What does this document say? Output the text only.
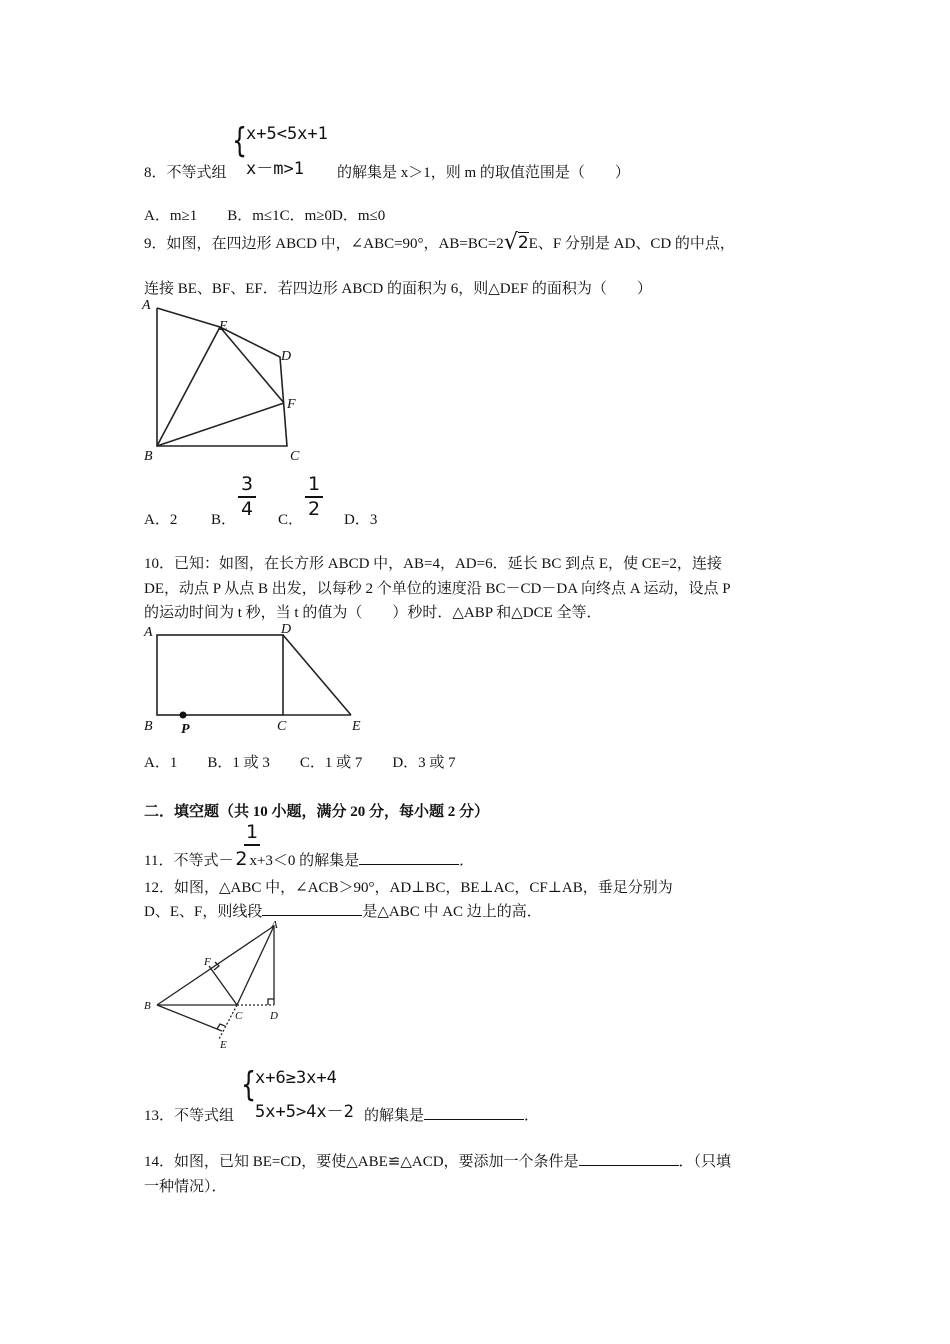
{
x+5<5x+1
x－m>1
8．不等式组	的解集是 x＞1，则 m 的取值范围是（　　）
A．m≥1　　B．m≤1C．m≥0D．m≤0
9．如图，在四边形 ABCD 中，∠ABC=90°，AB=BC=2√2E、F 分别是 AD、CD 的中点，
连接 BE、BF、EF．若四边形 ABCD 的面积为 6，则△DEF 的面积为（　　）
A
E
D
F
B	C
A．2 B．
3
4 C．
1
2 D．3
10．已知：如图，在长方形 ABCD 中，AB=4，AD=6．延长 BC 到点 E，使 CE=2，连接
DE，动点 P 从点 B 出发，以每秒 2 个单位的速度沿 BC－CD－DA 向终点 A 运动，设点 P
的运动时间为 t 秒，当 t 的值为（　　）秒时．△ABP 和△DCE 全等．
A	D
B P	C	E
A．1　　B．1 或 3　　C．1 或 7　　D．3 或 7
二．填空题（共 10 小题，满分 20 分，每小题 2 分）
1
11．不等式－ 2 x+3＜0 的解集是	．
12．如图，△ABC 中，∠ACB＞90°，AD⊥BC，BE⊥AC，CF⊥AB，垂足分别为
D、E、F，则线段	是△ABC 中 AC 边上的高．
A
F
B
C	D
E
{
x+6≥3x+4
5x+5>4x－2
13．不等式组	的解集是	．
14．如图，已知 BE=CD，要使△ABE≌△ACD，要添加一个条件是	．（只填
一种情况）．
